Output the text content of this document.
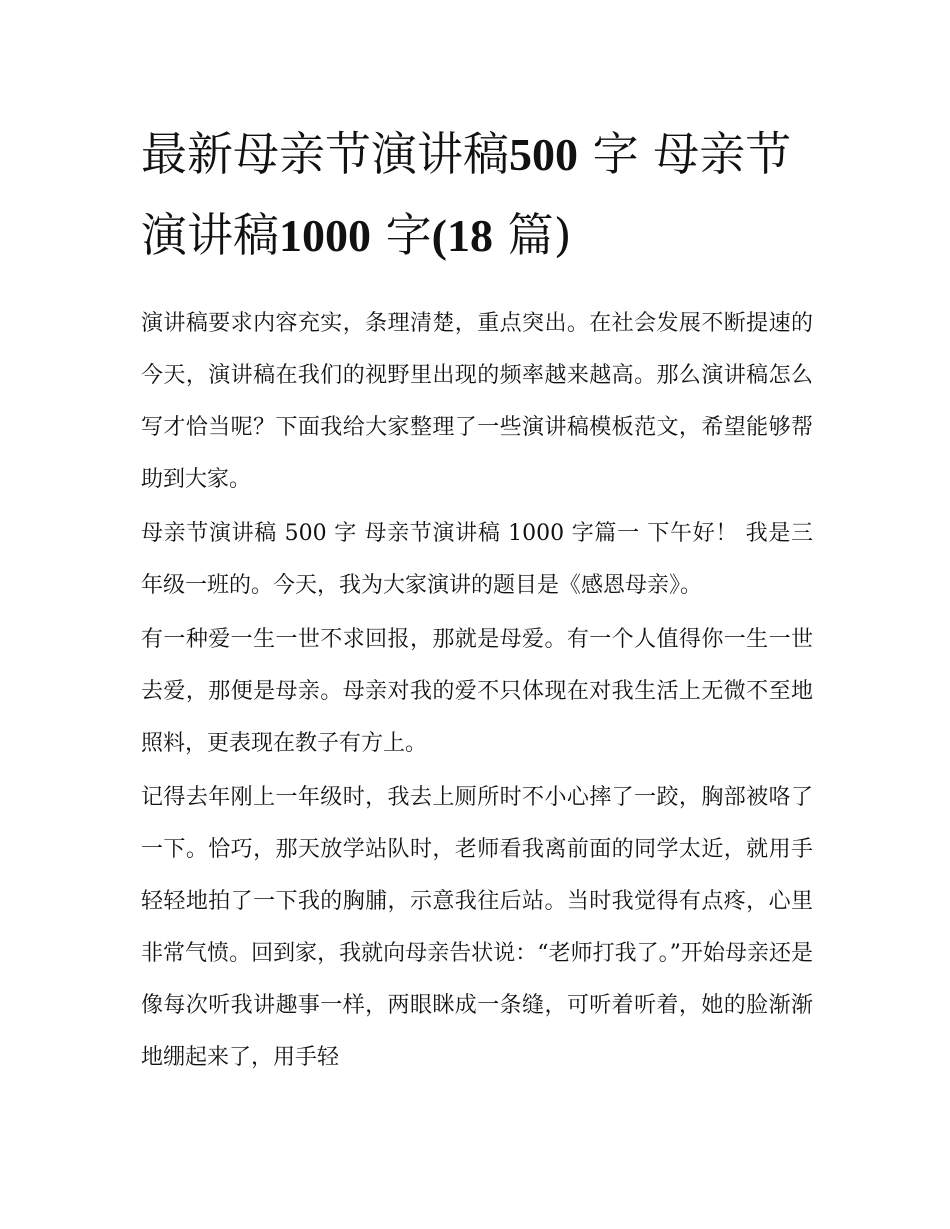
最新母亲节演讲稿500 字 母亲节演讲稿1000 字(18 篇)

演讲稿要求内容充实，条理清楚，重点突出。在社会发展不断提速的今天，演讲稿在我们的视野里出现的频率越来越高。那么演讲稿怎么写才恰当呢？下面我给大家整理了一些演讲稿模板范文，希望能够帮助到大家。

母亲节演讲稿 500 字 母亲节演讲稿 1000 字篇一 下午好！ 我是三年级一班的。今天，我为大家演讲的题目是《感恩母亲》。

有一种爱一生一世不求回报，那就是母爱。有一个人值得你一生一世去爱，那便是母亲。母亲对我的爱不只体现在对我生活上无微不至地照料，更表现在教子有方上。

记得去年刚上一年级时，我去上厕所时不小心摔了一跤，胸部被咯了一下。恰巧，那天放学站队时，老师看我离前面的同学太近，就用手轻轻地拍了一下我的胸脯，示意我往后站。当时我觉得有点疼，心里非常气愤。回到家，我就向母亲告状说：“老师打我了。”开始母亲还是像每次听我讲趣事一样，两眼眯成一条缝，可听着听着，她的脸渐渐地绷起来了，用手轻
